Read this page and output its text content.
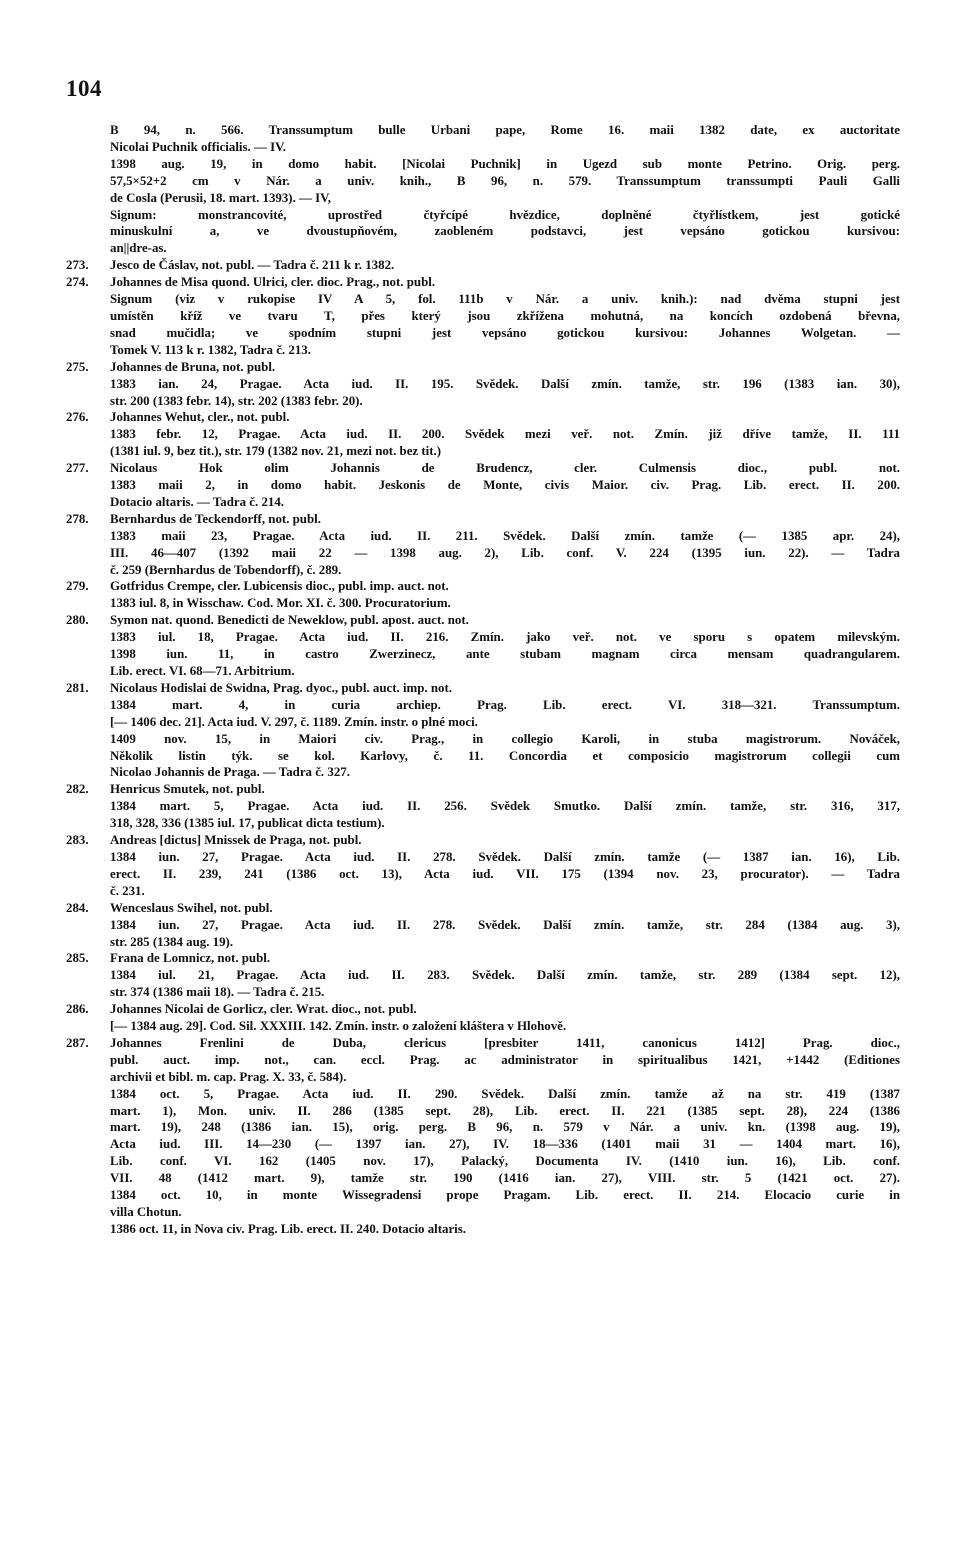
104
B 94, n. 566. Transsumptum bulle Urbani pape, Rome 16. maii 1382 date, ex auctoritate
Nicolai Puchnik officialis. — IV.
1398 aug. 19, in domo habit. [Nicolai Puchnik] in Ugezd sub monte Petrino. Orig. perg.
57,5×52+2 cm v Nár. a univ. knih., B 96, n. 579. Transsumptum transsumpti Pauli Galli
de Cosla (Perusii, 18. mart. 1393). — IV,
Signum: monstrancovité, uprostřed čtyřcípé hvězdice, doplněné čtyřlístkem, jest gotické
minuskulní a, ve dvoustupňovém, zaobleném podstavci, jest vepsáno gotickou kursivou:
an||dre-as.
273. Jesco de Čáslav, not. publ. — Tadra č. 211 k r. 1382.
274. Johannes de Misa quond. Ulrici, cler. dioc. Prag., not. publ.
Signum (viz v rukopise IV A 5, fol. 111b v Nár. a univ. knih.): nad dvěma stupni jest
umístěn kříž ve tvaru T, přes který jsou zkřížena mohutná, na koncích ozdobená břevna,
snad mučidla; ve spodním stupni jest vepsáno gotickou kursivou: Johannes Wolgetan. —
Tomek V. 113 k r. 1382, Tadra č. 213.
275. Johannes de Bruna, not. publ.
1383 ian. 24, Pragae. Acta iud. II. 195. Svědek. Další zmín. tamže, str. 196 (1383 ian. 30),
str. 200 (1383 febr. 14), str. 202 (1383 febr. 20).
276. Johannes Wehut, cler., not. publ.
1383 febr. 12, Pragae. Acta iud. II. 200. Svědek mezi veř. not. Zmín. již dříve tamže, II. 111
(1381 iul. 9, bez tit.), str. 179 (1382 nov. 21, mezi not. bez tit.)
277. Nicolaus Hok olim Johannis de Brudencz, cler. Culmensis dioc., publ. not.
1383 maii 2, in domo habit. Jeskonis de Monte, civis Maior. civ. Prag. Lib. erect. II. 200.
Dotacio altaris. — Tadra č. 214.
278. Bernhardus de Teckendorff, not. publ.
1383 maii 23, Pragae. Acta iud. II. 211. Svědek. Další zmín. tamže (— 1385 apr. 24),
III. 46—407 (1392 maii 22 — 1398 aug. 2), Lib. conf. V. 224 (1395 iun. 22). — Tadra
č. 259 (Bernhardus de Tobendorff), č. 289.
279. Gotfridus Crempe, cler. Lubicensis dioc., publ. imp. auct. not.
1383 iul. 8, in Wisschaw. Cod. Mor. XI. č. 300. Procuratorium.
280. Symon nat. quond. Benedicti de Neweklow, publ. apost. auct. not.
1383 iul. 18, Pragae. Acta iud. II. 216. Zmín. jako veř. not. ve sporu s opatem milevským.
1398 iun. 11, in castro Zwerzinecz, ante stubam magnam circa mensam quadrangularem.
Lib. erect. VI. 68—71. Arbitrium.
281. Nicolaus Hodislai de Swidna, Prag. dyoc., publ. auct. imp. not.
1384 mart. 4, in curia archiep. Prag. Lib. erect. VI. 318—321. Transsumptum.
[— 1406 dec. 21]. Acta iud. V. 297, č. 1189. Zmín. instr. o plné moci.
1409 nov. 15, in Maiori civ. Prag., in collegio Karoli, in stuba magistrorum. Nováček,
Několik listin týk. se kol. Karlovy, č. 11. Concordia et composicio magistrorum collegii cum
Nicolao Johannis de Praga. — Tadra č. 327.
282. Henricus Smutek, not. publ.
1384 mart. 5, Pragae. Acta iud. II. 256. Svědek Smutko. Další zmín. tamže, str. 316, 317,
318, 328, 336 (1385 iul. 17, publicat dicta testium).
283. Andreas [dictus] Mnissek de Praga, not. publ.
1384 iun. 27, Pragae. Acta iud. II. 278. Svědek. Další zmín. tamže (— 1387 ian. 16), Lib.
erect. II. 239, 241 (1386 oct. 13), Acta iud. VII. 175 (1394 nov. 23, procurator). — Tadra
č. 231.
284. Wenceslaus Swihel, not. publ.
1384 iun. 27, Pragae. Acta iud. II. 278. Svědek. Další zmín. tamže, str. 284 (1384 aug. 3),
str. 285 (1384 aug. 19).
285. Frana de Lomnicz, not. publ.
1384 iul. 21, Pragae. Acta iud. II. 283. Svědek. Další zmín. tamže, str. 289 (1384 sept. 12),
str. 374 (1386 maii 18). — Tadra č. 215.
286. Johannes Nicolai de Gorlicz, cler. Wrat. dioc., not. publ.
[— 1384 aug. 29]. Cod. Sil. XXXIII. 142. Zmín. instr. o založení kláštera v Hlohově.
287. Johannes Frenlini de Duba, clericus [presbiter 1411, canonicus 1412] Prag. dioc.,
publ. auct. imp. not., can. eccl. Prag. ac administrator in spiritualibus 1421, +1442 (Editiones
archivii et bibl. m. cap. Prag. X. 33, č. 584).
1384 oct. 5, Pragae. Acta iud. II. 290. Svědek. Další zmín. tamže až na str. 419 (1387
mart. 1), Mon. univ. II. 286 (1385 sept. 28), Lib. erect. II. 221 (1385 sept. 28), 224 (1386
mart. 19), 248 (1386 ian. 15), orig. perg. B 96, n. 579 v Nár. a univ. kn. (1398 aug. 19),
Acta iud. III. 14—230 (— 1397 ian. 27), IV. 18—336 (1401 maii 31 — 1404 mart. 16),
Lib. conf. VI. 162 (1405 nov. 17), Palacký, Documenta IV. (1410 iun. 16), Lib. conf.
VII. 48 (1412 mart. 9), tamže str. 190 (1416 ian. 27), VIII. str. 5 (1421 oct. 27).
1384 oct. 10, in monte Wissegradensi prope Pragam. Lib. erect. II. 214. Elocacio curie in
villa Chotun.
1386 oct. 11, in Nova civ. Prag. Lib. erect. II. 240. Dotacio altaris.
